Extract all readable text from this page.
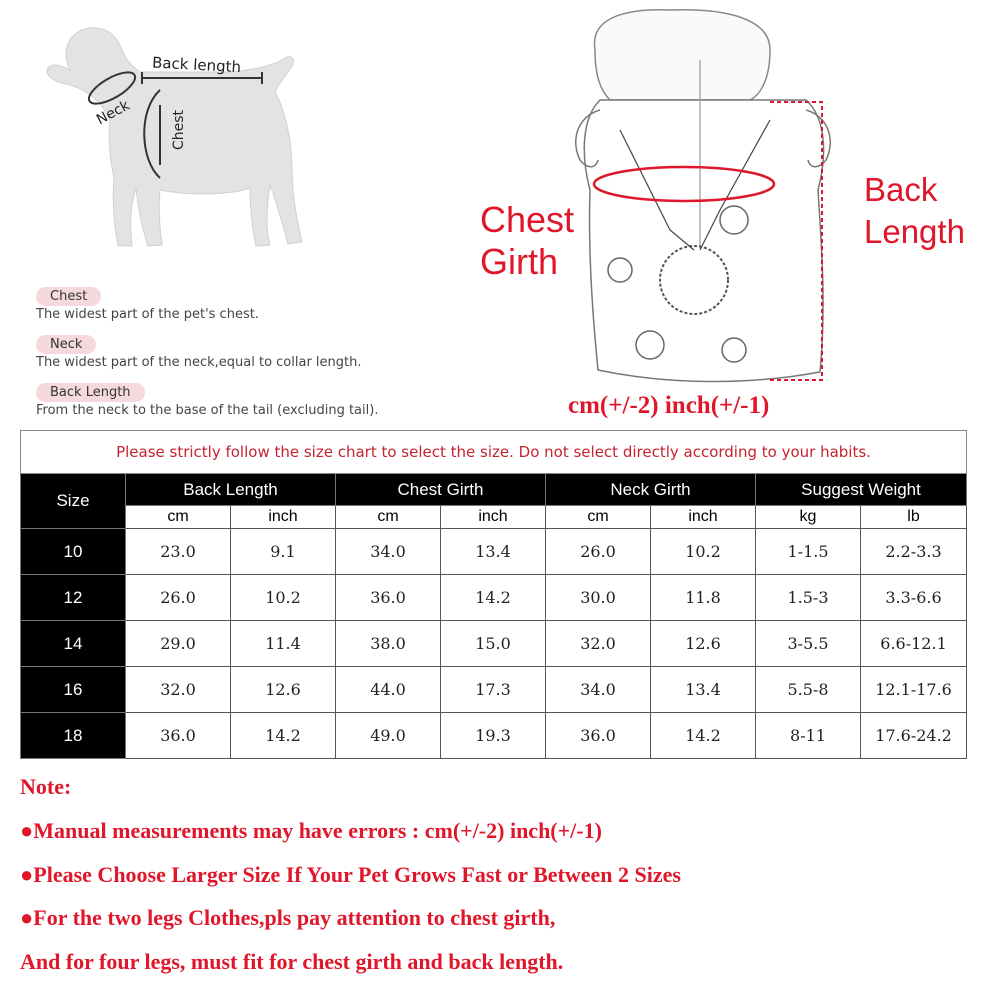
Back length
Neck	Chest
Chest
The widest part of the pet's chest.
Neck
The widest part of the neck,equal to collar length.
Back Length
From the neck to the base of the tail (excluding tail).
Chest
Girth
Back
Length
cm(+/-2) inch(+/-1)
Please strictly follow the size chart to select the size. Do not select directly according to your habits.								
Size	Back Length		Chest Girth		Neck Girth		Suggest Weight	
	cm	inch	cm	inch	cm	inch	kg	lb
10	23.0	9.1	34.0	13.4	26.0	10.2	1-1.5	2.2-3.3
12	26.0	10.2	36.0	14.2	30.0	11.8	1.5-3	3.3-6.6
14	29.0	11.4	38.0	15.0	32.0	12.6	3-5.5	6.6-12.1
16	32.0	12.6	44.0	17.3	34.0	13.4	5.5-8	12.1-17.6
18	36.0	14.2	49.0	19.3	36.0	14.2	8-11	17.6-24.2
Note:
●Manual measurements may have errors : cm(+/-2) inch(+/-1)
●Please Choose Larger Size If Your Pet Grows Fast or Between 2 Sizes
●For the two legs Clothes,pls pay attention to chest girth,
And for four legs, must fit for chest girth and back length.
